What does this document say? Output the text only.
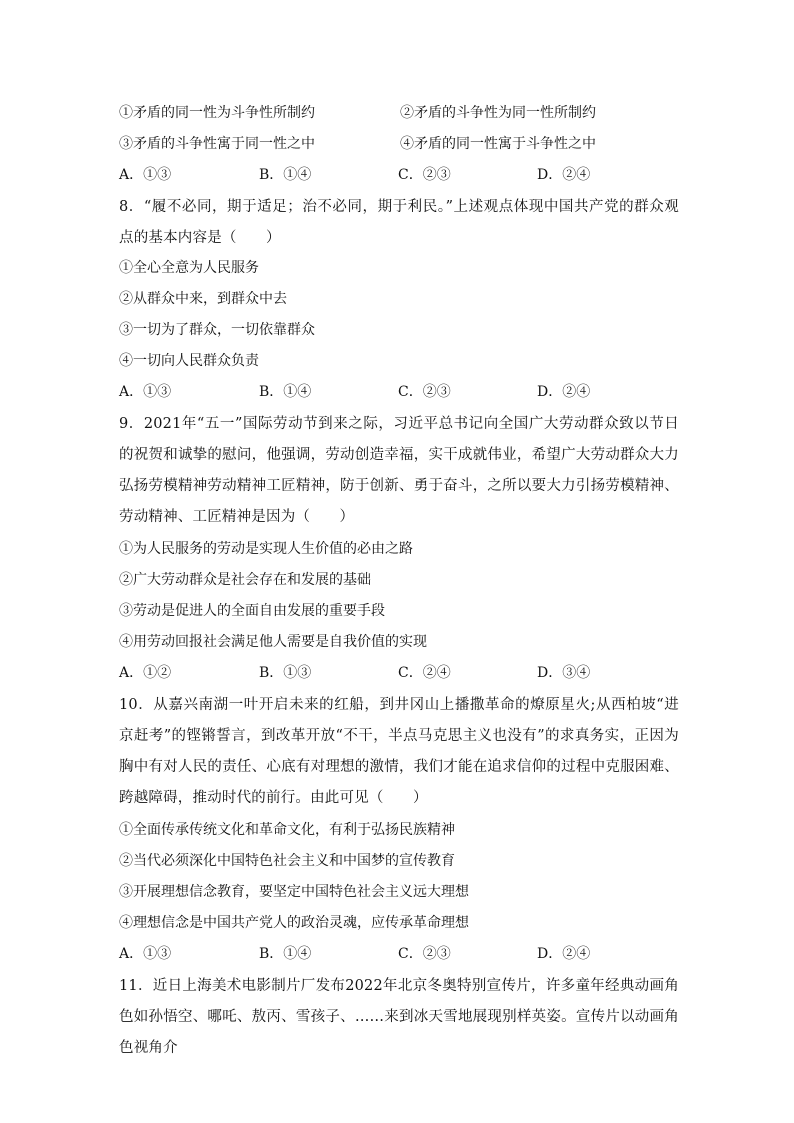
①矛盾的同一性为斗争性所制约	②矛盾的斗争性为同一性所制约
③矛盾的斗争性寓于同一性之中	④矛盾的同一性寓于斗争性之中
A．①③	B．①④	C．②③	D．②④
8．“履不必同，期于适足；治不必同，期于利民。”上述观点体现中国共产党的群众观点的基本内容是（　　）
①全心全意为人民服务
②从群众中来，到群众中去
③一切为了群众，一切依靠群众
④一切向人民群众负责
A．①③	B．①④	C．②③	D．②④
9．2021年“五一”国际劳动节到来之际，习近平总书记向全国广大劳动群众致以节日的祝贺和诚挚的慰问，他强调，劳动创造幸福，实干成就伟业，希望广大劳动群众大力弘扬劳模精神劳动精神工匠精神，防于创新、勇于奋斗，之所以要大力引扬劳模精神、劳动精神、工匠精神是因为（　　）
①为人民服务的劳动是实现人生价值的必由之路
②广大劳动群众是社会存在和发展的基础
③劳动是促进人的全面自由发展的重要手段
④用劳动回报社会满足他人需要是自我价值的实现
A．①②	B．①③	C．②④	D．③④
10．从嘉兴南湖一叶开启未来的红船，到井冈山上播撒革命的燎原星火;从西柏坡“进京赶考”的铿锵誓言，到改革开放“不干，半点马克思主义也没有”的求真务实，正因为胸中有对人民的责任、心底有对理想的激情，我们才能在追求信仰的过程中克服困难、跨越障碍，推动时代的前行。由此可见（　　）
①全面传承传统文化和革命文化，有利于弘扬民族精神
②当代必须深化中国特色社会主义和中国梦的宣传教育
③开展理想信念教育，要坚定中国特色社会主义远大理想
④理想信念是中国共产党人的政治灵魂，应传承革命理想
A．①③	B．①④	C．②③	D．②④
11．近日上海美术电影制片厂发布2022年北京冬奥特别宣传片，许多童年经典动画角色如孙悟空、哪吒、敖丙、雪孩子、……来到冰天雪地展现别样英姿。宣传片以动画角色视角介
